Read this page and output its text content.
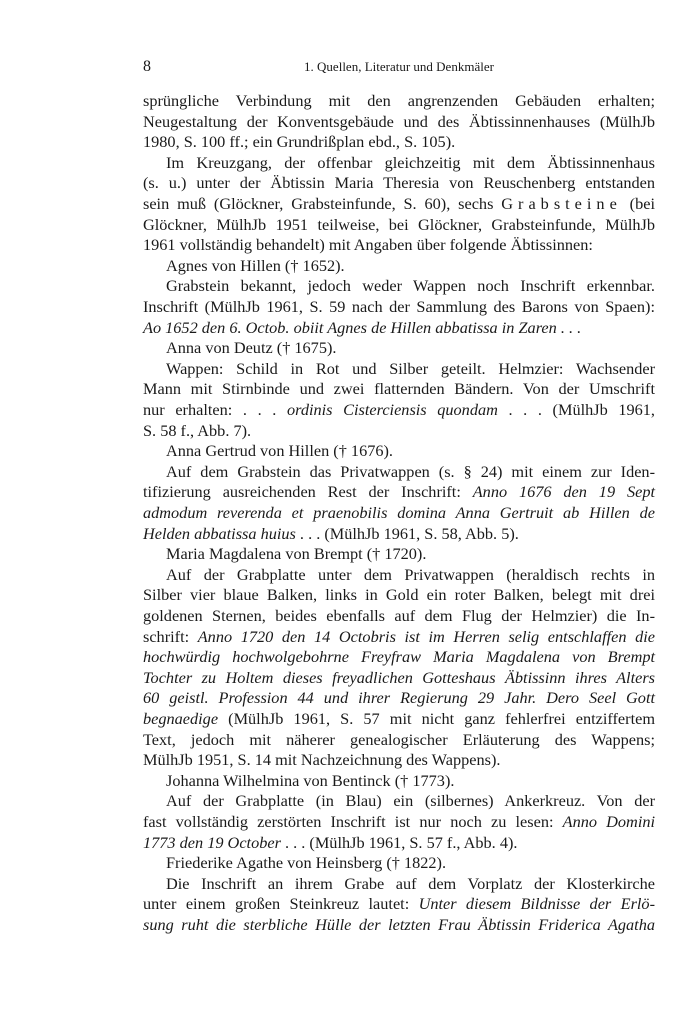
8	1. Quellen, Literatur und Denkmäler
sprüngliche Verbindung mit den angrenzenden Gebäuden erhalten;
Neugestaltung der Konventsgebäude und des Äbtissinnenhauses (MülhJb
1980, S. 100 ff.; ein Grundrißplan ebd., S. 105).
Im Kreuzgang, der offenbar gleichzeitig mit dem Äbtissinnenhaus
(s. u.) unter der Äbtissin Maria Theresia von Reuschenberg entstanden
sein muß (Glöckner, Grabsteinfunde, S. 60), sechs Grabsteine (bei
Glöckner, MülhJb 1951 teilweise, bei Glöckner, Grabsteinfunde, MülhJb
1961 vollständig behandelt) mit Angaben über folgende Äbtissinnen:
Agnes von Hillen († 1652).
Grabstein bekannt, jedoch weder Wappen noch Inschrift erkennbar.
Inschrift (MülhJb 1961, S. 59 nach der Sammlung des Barons von Spaen):
Ao 1652 den 6. Octob. obiit Agnes de Hillen abbatissa in Zaren . . .
Anna von Deutz († 1675).
Wappen: Schild in Rot und Silber geteilt. Helmzier: Wachsender
Mann mit Stirnbinde und zwei flatternden Bändern. Von der Umschrift
nur erhalten: . . . ordinis Cisterciensis quondam . . . (MülhJb 1961,
S. 58 f., Abb. 7).
Anna Gertrud von Hillen († 1676).
Auf dem Grabstein das Privatwappen (s. § 24) mit einem zur Iden-
tifizierung ausreichenden Rest der Inschrift: Anno 1676 den 19 Sept
admodum reverenda et praenobilis domina Anna Gertruit ab Hillen de
Helden abbatissa huius . . . (MülhJb 1961, S. 58, Abb. 5).
Maria Magdalena von Brempt († 1720).
Auf der Grabplatte unter dem Privatwappen (heraldisch rechts in
Silber vier blaue Balken, links in Gold ein roter Balken, belegt mit drei
goldenen Sternen, beides ebenfalls auf dem Flug der Helmzier) die In-
schrift: Anno 1720 den 14 Octobris ist im Herren selig entschlaffen die
hochwürdig hochwolgebohrne Freyfraw Maria Magdalena von Brempt
Tochter zu Holtem dieses freyadlichen Gotteshaus Äbtissinn ihres Alters
60 geistl. Profession 44 und ihrer Regierung 29 Jahr. Dero Seel Gott
begnaedige (MülhJb 1961, S. 57 mit nicht ganz fehlerfrei entziffertem
Text, jedoch mit näherer genealogischer Erläuterung des Wappens;
MülhJb 1951, S. 14 mit Nachzeichnung des Wappens).
Johanna Wilhelmina von Bentinck († 1773).
Auf der Grabplatte (in Blau) ein (silbernes) Ankerkreuz. Von der
fast vollständig zerstörten Inschrift ist nur noch zu lesen: Anno Domini
1773 den 19 October . . . (MülhJb 1961, S. 57 f., Abb. 4).
Friederike Agathe von Heinsberg († 1822).
Die Inschrift an ihrem Grabe auf dem Vorplatz der Klosterkirche
unter einem großen Steinkreuz lautet: Unter diesem Bildnisse der Erlö-
sung ruht die sterbliche Hülle der letzten Frau Äbtissin Friderica Agatha
